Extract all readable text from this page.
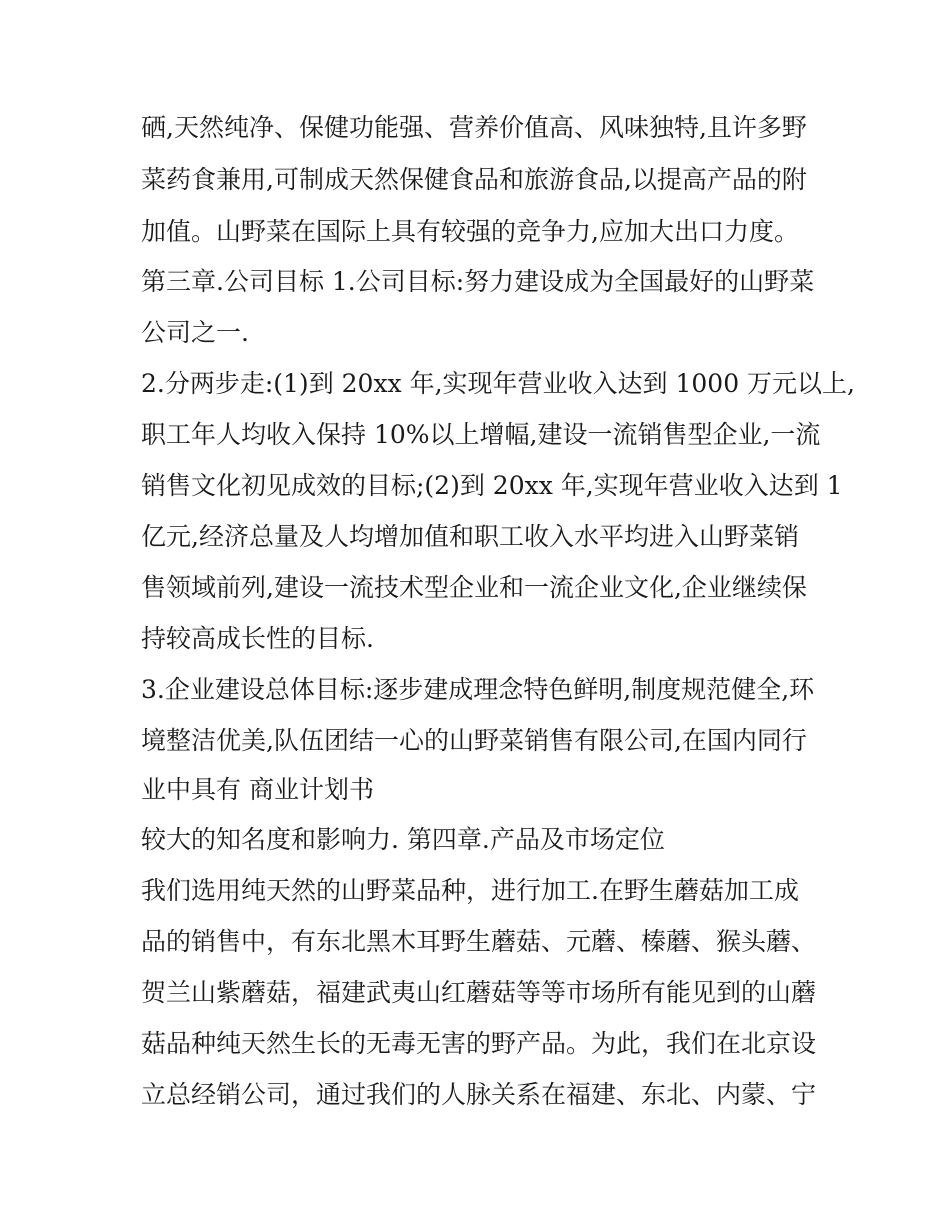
硒,天然纯净、保健功能强、营养价值高、风味独特,且许多野
菜药食兼用,可制成天然保健食品和旅游食品,以提高产品的附
加值。山野菜在国际上具有较强的竞争力,应加大出口力度。
第三章.公司目标 1.公司目标:努力建设成为全国最好的山野菜
公司之一.
2.分两步走:(1)到 20xx 年,实现年营业收入达到 1000 万元以上,
职工年人均收入保持 10%以上增幅,建设一流销售型企业,一流
销售文化初见成效的目标;(2)到 20xx 年,实现年营业收入达到 1
亿元,经济总量及人均增加值和职工收入水平均进入山野菜销
售领域前列,建设一流技术型企业和一流企业文化,企业继续保
持较高成长性的目标.
3.企业建设总体目标:逐步建成理念特色鲜明,制度规范健全,环
境整洁优美,队伍团结一心的山野菜销售有限公司,在国内同行
业中具有 商业计划书
较大的知名度和影响力. 第四章.产品及市场定位
我们选用纯天然的山野菜品种，进行加工.在野生蘑菇加工成
品的销售中，有东北黑木耳野生蘑菇、元蘑、榛蘑、猴头蘑、
贺兰山紫蘑菇，福建武夷山红蘑菇等等市场所有能见到的山蘑
菇品种纯天然生长的无毒无害的野产品。为此，我们在北京设
立总经销公司，通过我们的人脉关系在福建、东北、内蒙、宁
